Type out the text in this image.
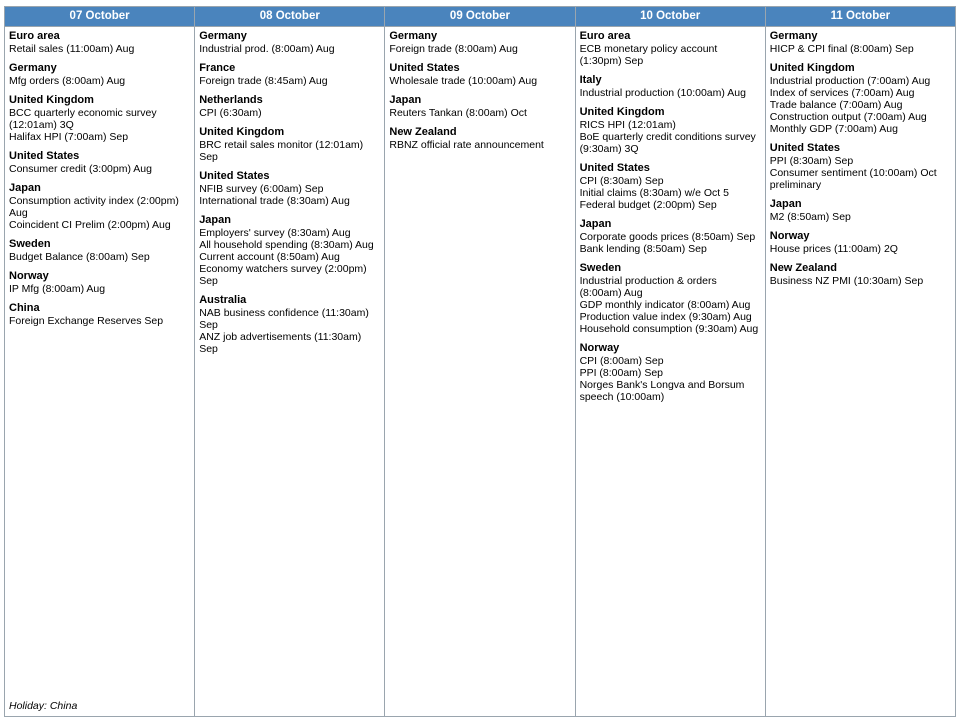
07 October	08 October	09 October	10 October	11 October

Euro area
Retail sales (11:00am) Aug
Germany
Mfg orders (8:00am) Aug
United Kingdom
BCC quarterly economic survey (12:01am) 3Q
Halifax HPI (7:00am) Sep
United States
Consumer credit (3:00pm) Aug
Japan
Consumption activity index (2:00pm) Aug
Coincident CI Prelim (2:00pm) Aug
Sweden
Budget Balance (8:00am) Sep
Norway
IP Mfg (8:00am) Aug
China
Foreign Exchange Reserves Sep
Holiday: China

Germany
Industrial prod. (8:00am) Aug
France
Foreign trade (8:45am) Aug
Netherlands
CPI (6:30am)
United Kingdom
BRC retail sales monitor (12:01am) Sep
United States
NFIB survey (6:00am) Sep
International trade (8:30am) Aug
Japan
Employers' survey (8:30am) Aug
All household spending (8:30am) Aug
Current account (8:50am) Aug
Economy watchers survey (2:00pm) Sep
Australia
NAB business confidence (11:30am) Sep
ANZ job advertisements (11:30am) Sep

Germany
Foreign trade (8:00am) Aug
United States
Wholesale trade (10:00am) Aug
Japan
Reuters Tankan (8:00am) Oct
New Zealand
RBNZ official rate announcement

Euro area
ECB monetary policy account (1:30pm) Sep
Italy
Industrial production (10:00am) Aug
United Kingdom
RICS HPI (12:01am)
BoE quarterly credit conditions survey (9:30am) 3Q
United States
CPI (8:30am) Sep
Initial claims (8:30am) w/e Oct 5
Federal budget (2:00pm) Sep
Japan
Corporate goods prices (8:50am) Sep
Bank lending (8:50am) Sep
Sweden
Industrial production & orders (8:00am) Aug
GDP monthly indicator (8:00am) Aug
Production value index (9:30am) Aug
Household consumption (9:30am) Aug
Norway
CPI (8:00am) Sep
PPI (8:00am) Sep
Norges Bank's Longva and Borsum speech (10:00am)

Germany
HICP & CPI final (8:00am) Sep
United Kingdom
Industrial production (7:00am) Aug
Index of services (7:00am) Aug
Trade balance (7:00am) Aug
Construction output (7:00am) Aug
Monthly GDP (7:00am) Aug
United States
PPI (8:30am) Sep
Consumer sentiment (10:00am) Oct preliminary
Japan
M2 (8:50am) Sep
Norway
House prices (11:00am) 2Q
New Zealand
Business NZ PMI (10:30am) Sep
